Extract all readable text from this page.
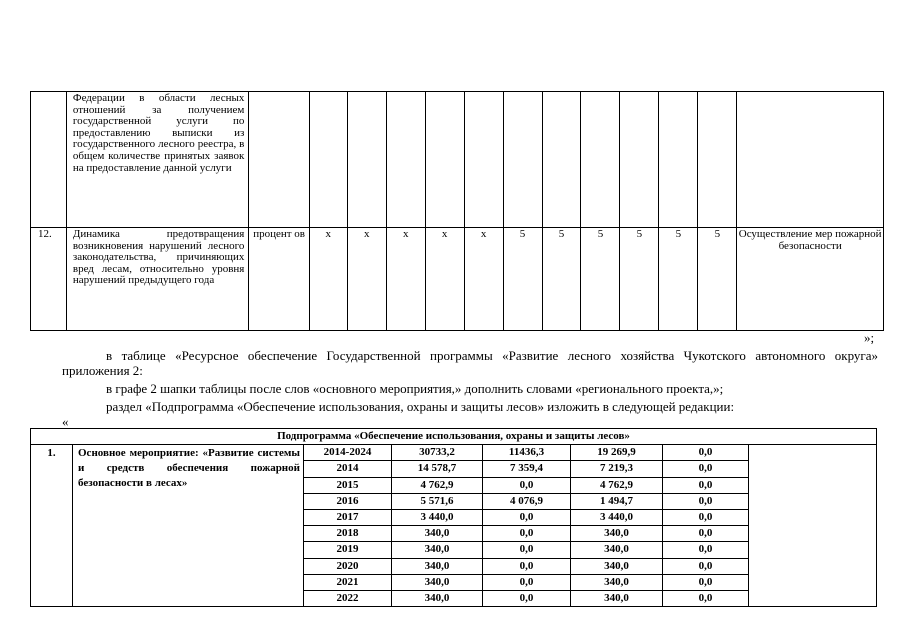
	Федерации в области лесных отношений за получением государственной услуги по предоставлению выписки из государственного лесного реестра, в общем количестве принятых заявок на предоставление данной услуги													
12.	Динамика предотвращения возникновения нарушений лесного законодательства, причиняющих вред лесам, относительно уровня нарушений предыдущего года	процент ов	х	х	х	х	х	5	5	5	5	5	5	Осуществление мер пожарной безопасности
»;
в таблице «Ресурсное обеспечение Государственной программы «Развитие лесного хозяйства Чукотского автономного округа» приложения 2:
в графе 2 шапки таблицы после слов «основного мероприятия,» дополнить словами «регионального проекта,»;
раздел «Подпрограмма «Обеспечение использования, охраны и защиты лесов» изложить в следующей редакции:
«
Подпрограмма «Обеспечение использования, охраны и защиты лесов»							
1.	Основное мероприятие: «Развитие системы и средств обеспечения пожарной безопасности в лесах»	2014-2024	30733,2	11436,3	19 269,9	0,0	
		2014	14 578,7	7 359,4	7 219,3	0,0	
		2015	4 762,9	0,0	4 762,9	0,0	
		2016	5 571,6	4 076,9	1 494,7	0,0	
		2017	3 440,0	0,0	3 440,0	0,0	
		2018	340,0	0,0	340,0	0,0	
		2019	340,0	0,0	340,0	0,0	
		2020	340,0	0,0	340,0	0,0	
		2021	340,0	0,0	340,0	0,0	
		2022	340,0	0,0	340,0	0,0	
